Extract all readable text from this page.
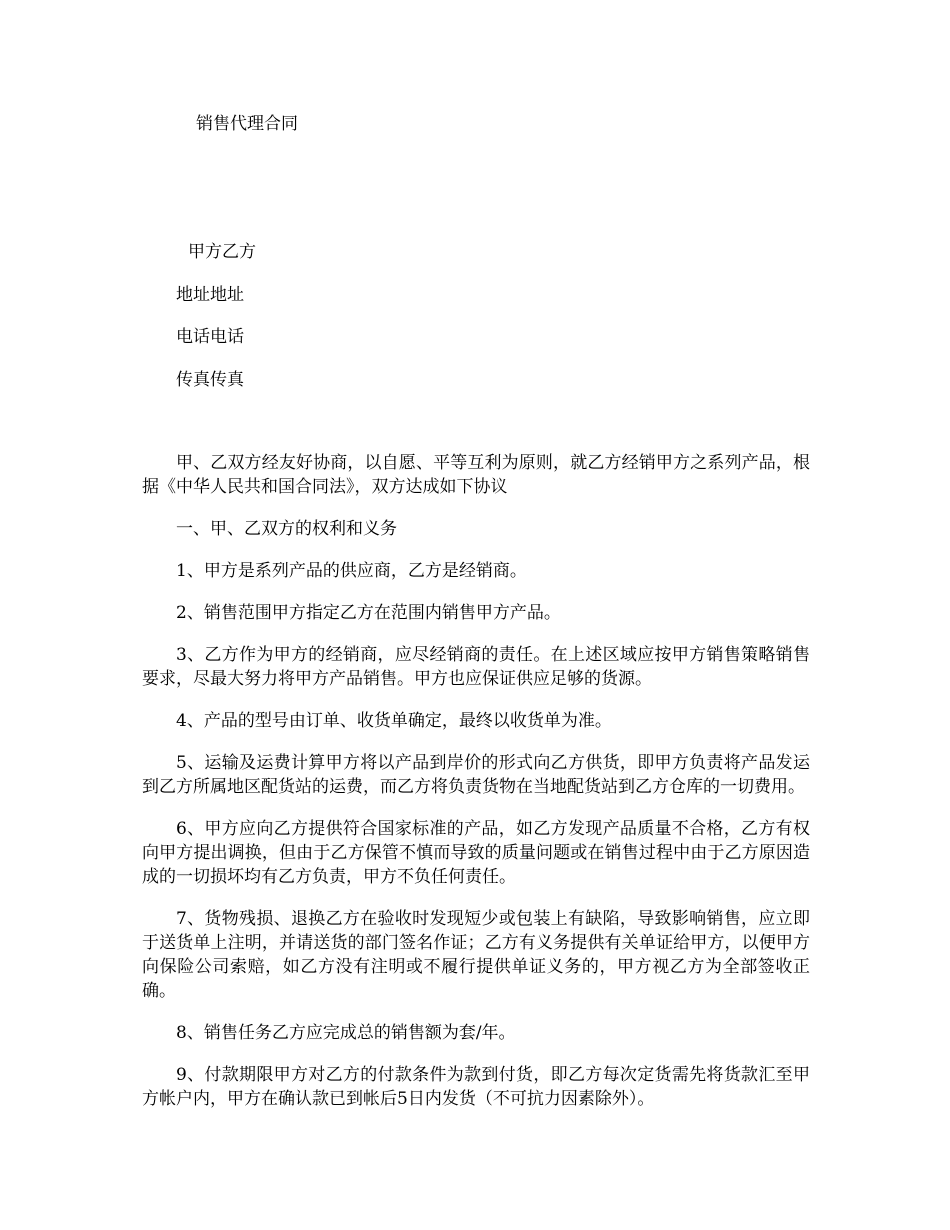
销售代理合同
甲方乙方
地址地址
电话电话
传真传真

甲、乙双方经友好协商，以自愿、平等互利为原则，就乙方经销甲方之系列产品，根据《中华人民共和国合同法》，双方达成如下协议

一、甲、乙双方的权利和义务

1、甲方是系列产品的供应商，乙方是经销商。

2、销售范围甲方指定乙方在范围内销售甲方产品。

3、乙方作为甲方的经销商，应尽经销商的责任。在上述区域应按甲方销售策略销售要求，尽最大努力将甲方产品销售。甲方也应保证供应足够的货源。

4、产品的型号由订单、收货单确定，最终以收货单为准。

5、运输及运费计算甲方将以产品到岸价的形式向乙方供货，即甲方负责将产品发运到乙方所属地区配货站的运费，而乙方将负责货物在当地配货站到乙方仓库的一切费用。

6、甲方应向乙方提供符合国家标准的产品，如乙方发现产品质量不合格，乙方有权向甲方提出调换，但由于乙方保管不慎而导致的质量问题或在销售过程中由于乙方原因造成的一切损坏均有乙方负责，甲方不负任何责任。

7、货物残损、退换乙方在验收时发现短少或包装上有缺陷，导致影响销售，应立即于送货单上注明，并请送货的部门签名作证；乙方有义务提供有关单证给甲方，以便甲方向保险公司索赔，如乙方没有注明或不履行提供单证义务的，甲方视乙方为全部签收正确。

8、销售任务乙方应完成总的销售额为套/年。

9、付款期限甲方对乙方的付款条件为款到付货，即乙方每次定货需先将货款汇至甲方帐户内，甲方在确认款已到帐后5日内发货（不可抗力因素除外）。
